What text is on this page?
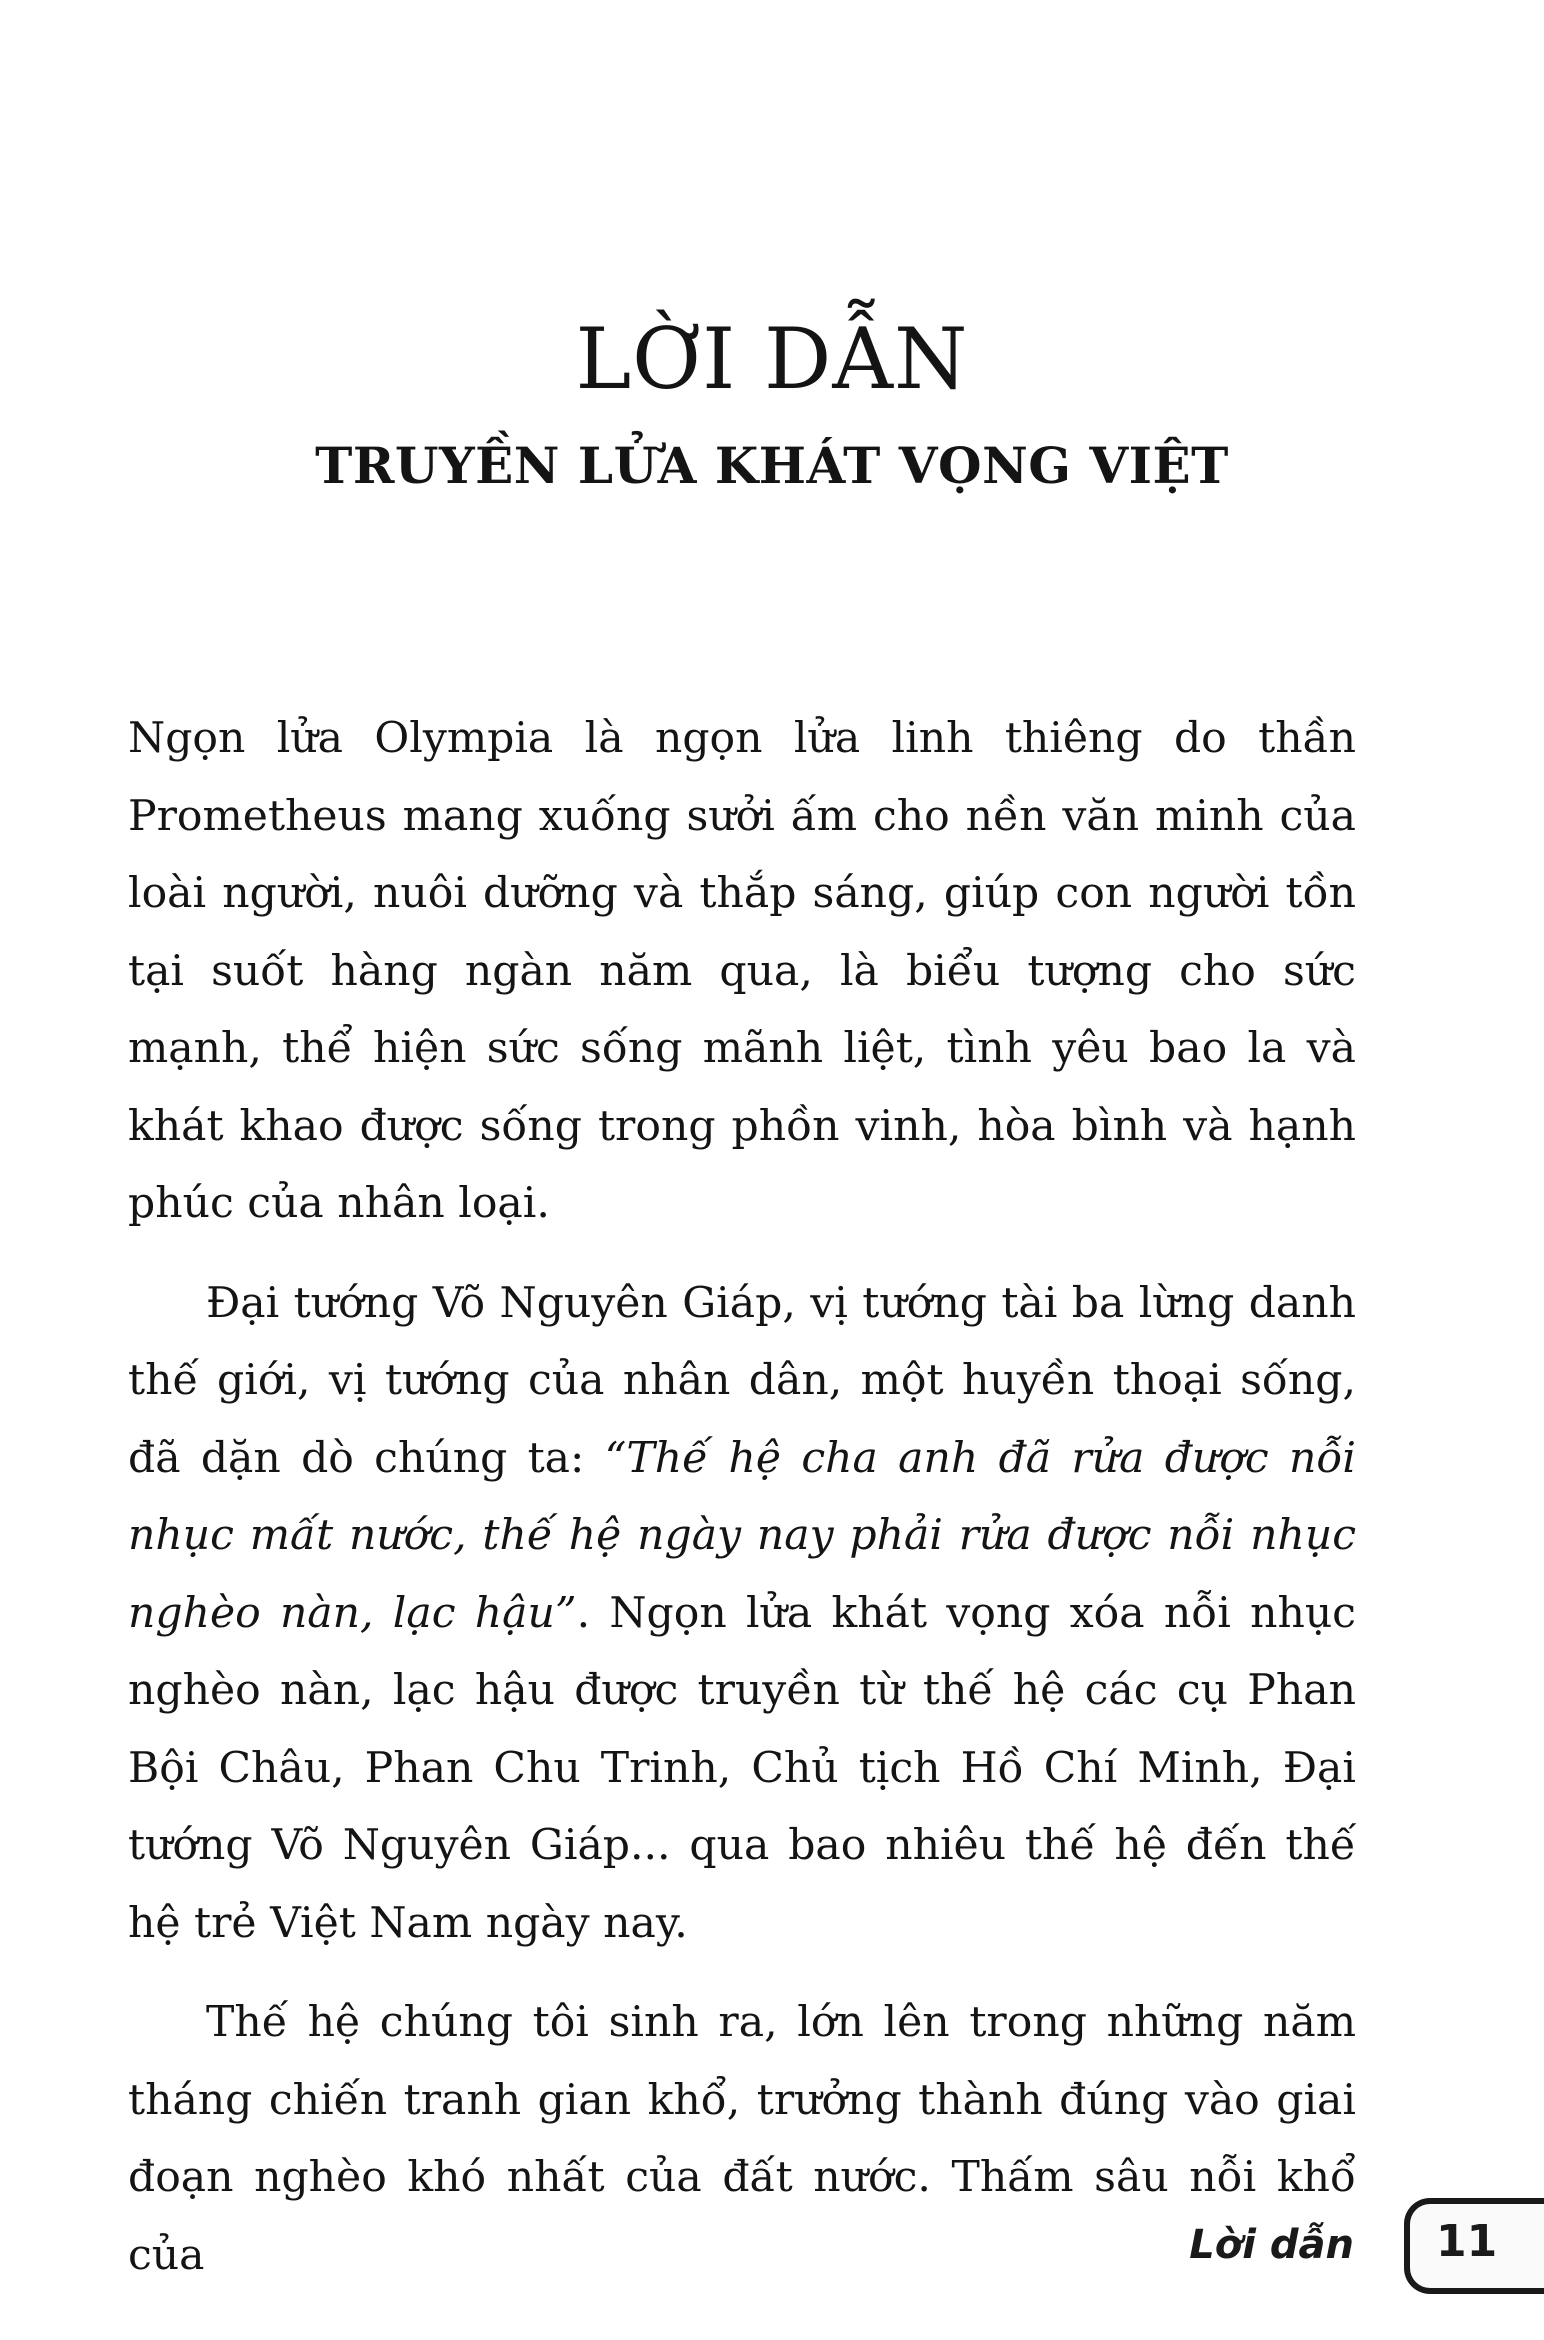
LỜI DẪN
TRUYỀN LỬA KHÁT VỌNG VIỆT

Ngọn lửa Olympia là ngọn lửa linh thiêng do thần Prometheus mang xuống sưởi ấm cho nền văn minh của loài người, nuôi dưỡng và thắp sáng, giúp con người tồn tại suốt hàng ngàn năm qua, là biểu tượng cho sức mạnh, thể hiện sức sống mãnh liệt, tình yêu bao la và khát khao được sống trong phồn vinh, hòa bình và hạnh phúc của nhân loại.

Đại tướng Võ Nguyên Giáp, vị tướng tài ba lừng danh thế giới, vị tướng của nhân dân, một huyền thoại sống, đã dặn dò chúng ta: “Thế hệ cha anh đã rửa được nỗi nhục mất nước, thế hệ ngày nay phải rửa được nỗi nhục nghèo nàn, lạc hậu”. Ngọn lửa khát vọng xóa nỗi nhục nghèo nàn, lạc hậu được truyền từ thế hệ các cụ Phan Bội Châu, Phan Chu Trinh, Chủ tịch Hồ Chí Minh, Đại tướng Võ Nguyên Giáp... qua bao nhiêu thế hệ đến thế hệ trẻ Việt Nam ngày nay.

Thế hệ chúng tôi sinh ra, lớn lên trong những năm tháng chiến tranh gian khổ, trưởng thành đúng vào giai đoạn nghèo khó nhất của đất nước. Thấm sâu nỗi khổ của	Lời dẫn 11
